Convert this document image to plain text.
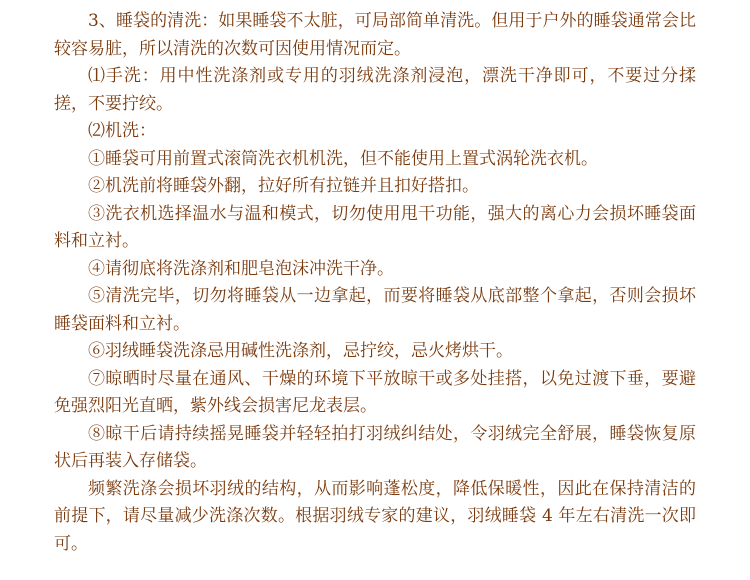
3、睡袋的清洗：如果睡袋不太脏，可局部简单清洗。但用于户外的睡袋通常会比较容易脏，所以清洗的次数可因使用情况而定。

⑴手洗：用中性洗涤剂或专用的羽绒洗涤剂浸泡，漂洗干净即可，不要过分揉搓，不要拧绞。

⑵机洗：

①睡袋可用前置式滚筒洗衣机机洗，但不能使用上置式涡轮洗衣机。

②机洗前将睡袋外翻，拉好所有拉链并且扣好搭扣。

③洗衣机选择温水与温和模式，切勿使用甩干功能，强大的离心力会损坏睡袋面料和立衬。

④请彻底将洗涤剂和肥皂泡沫冲洗干净。

⑤清洗完毕，切勿将睡袋从一边拿起，而要将睡袋从底部整个拿起，否则会损坏睡袋面料和立衬。

⑥羽绒睡袋洗涤忌用碱性洗涤剂，忌拧绞，忌火烤烘干。

⑦晾晒时尽量在通风、干燥的环境下平放晾干或多处挂搭，以免过渡下垂，要避免强烈阳光直晒，紫外线会损害尼龙表层。

⑧晾干后请持续摇晃睡袋并轻轻拍打羽绒纠结处，令羽绒完全舒展，睡袋恢复原状后再装入存储袋。

频繁洗涤会损坏羽绒的结构，从而影响蓬松度，降低保暖性，因此在保持清洁的前提下，请尽量减少洗涤次数。根据羽绒专家的建议，羽绒睡袋 4 年左右清洗一次即可。
